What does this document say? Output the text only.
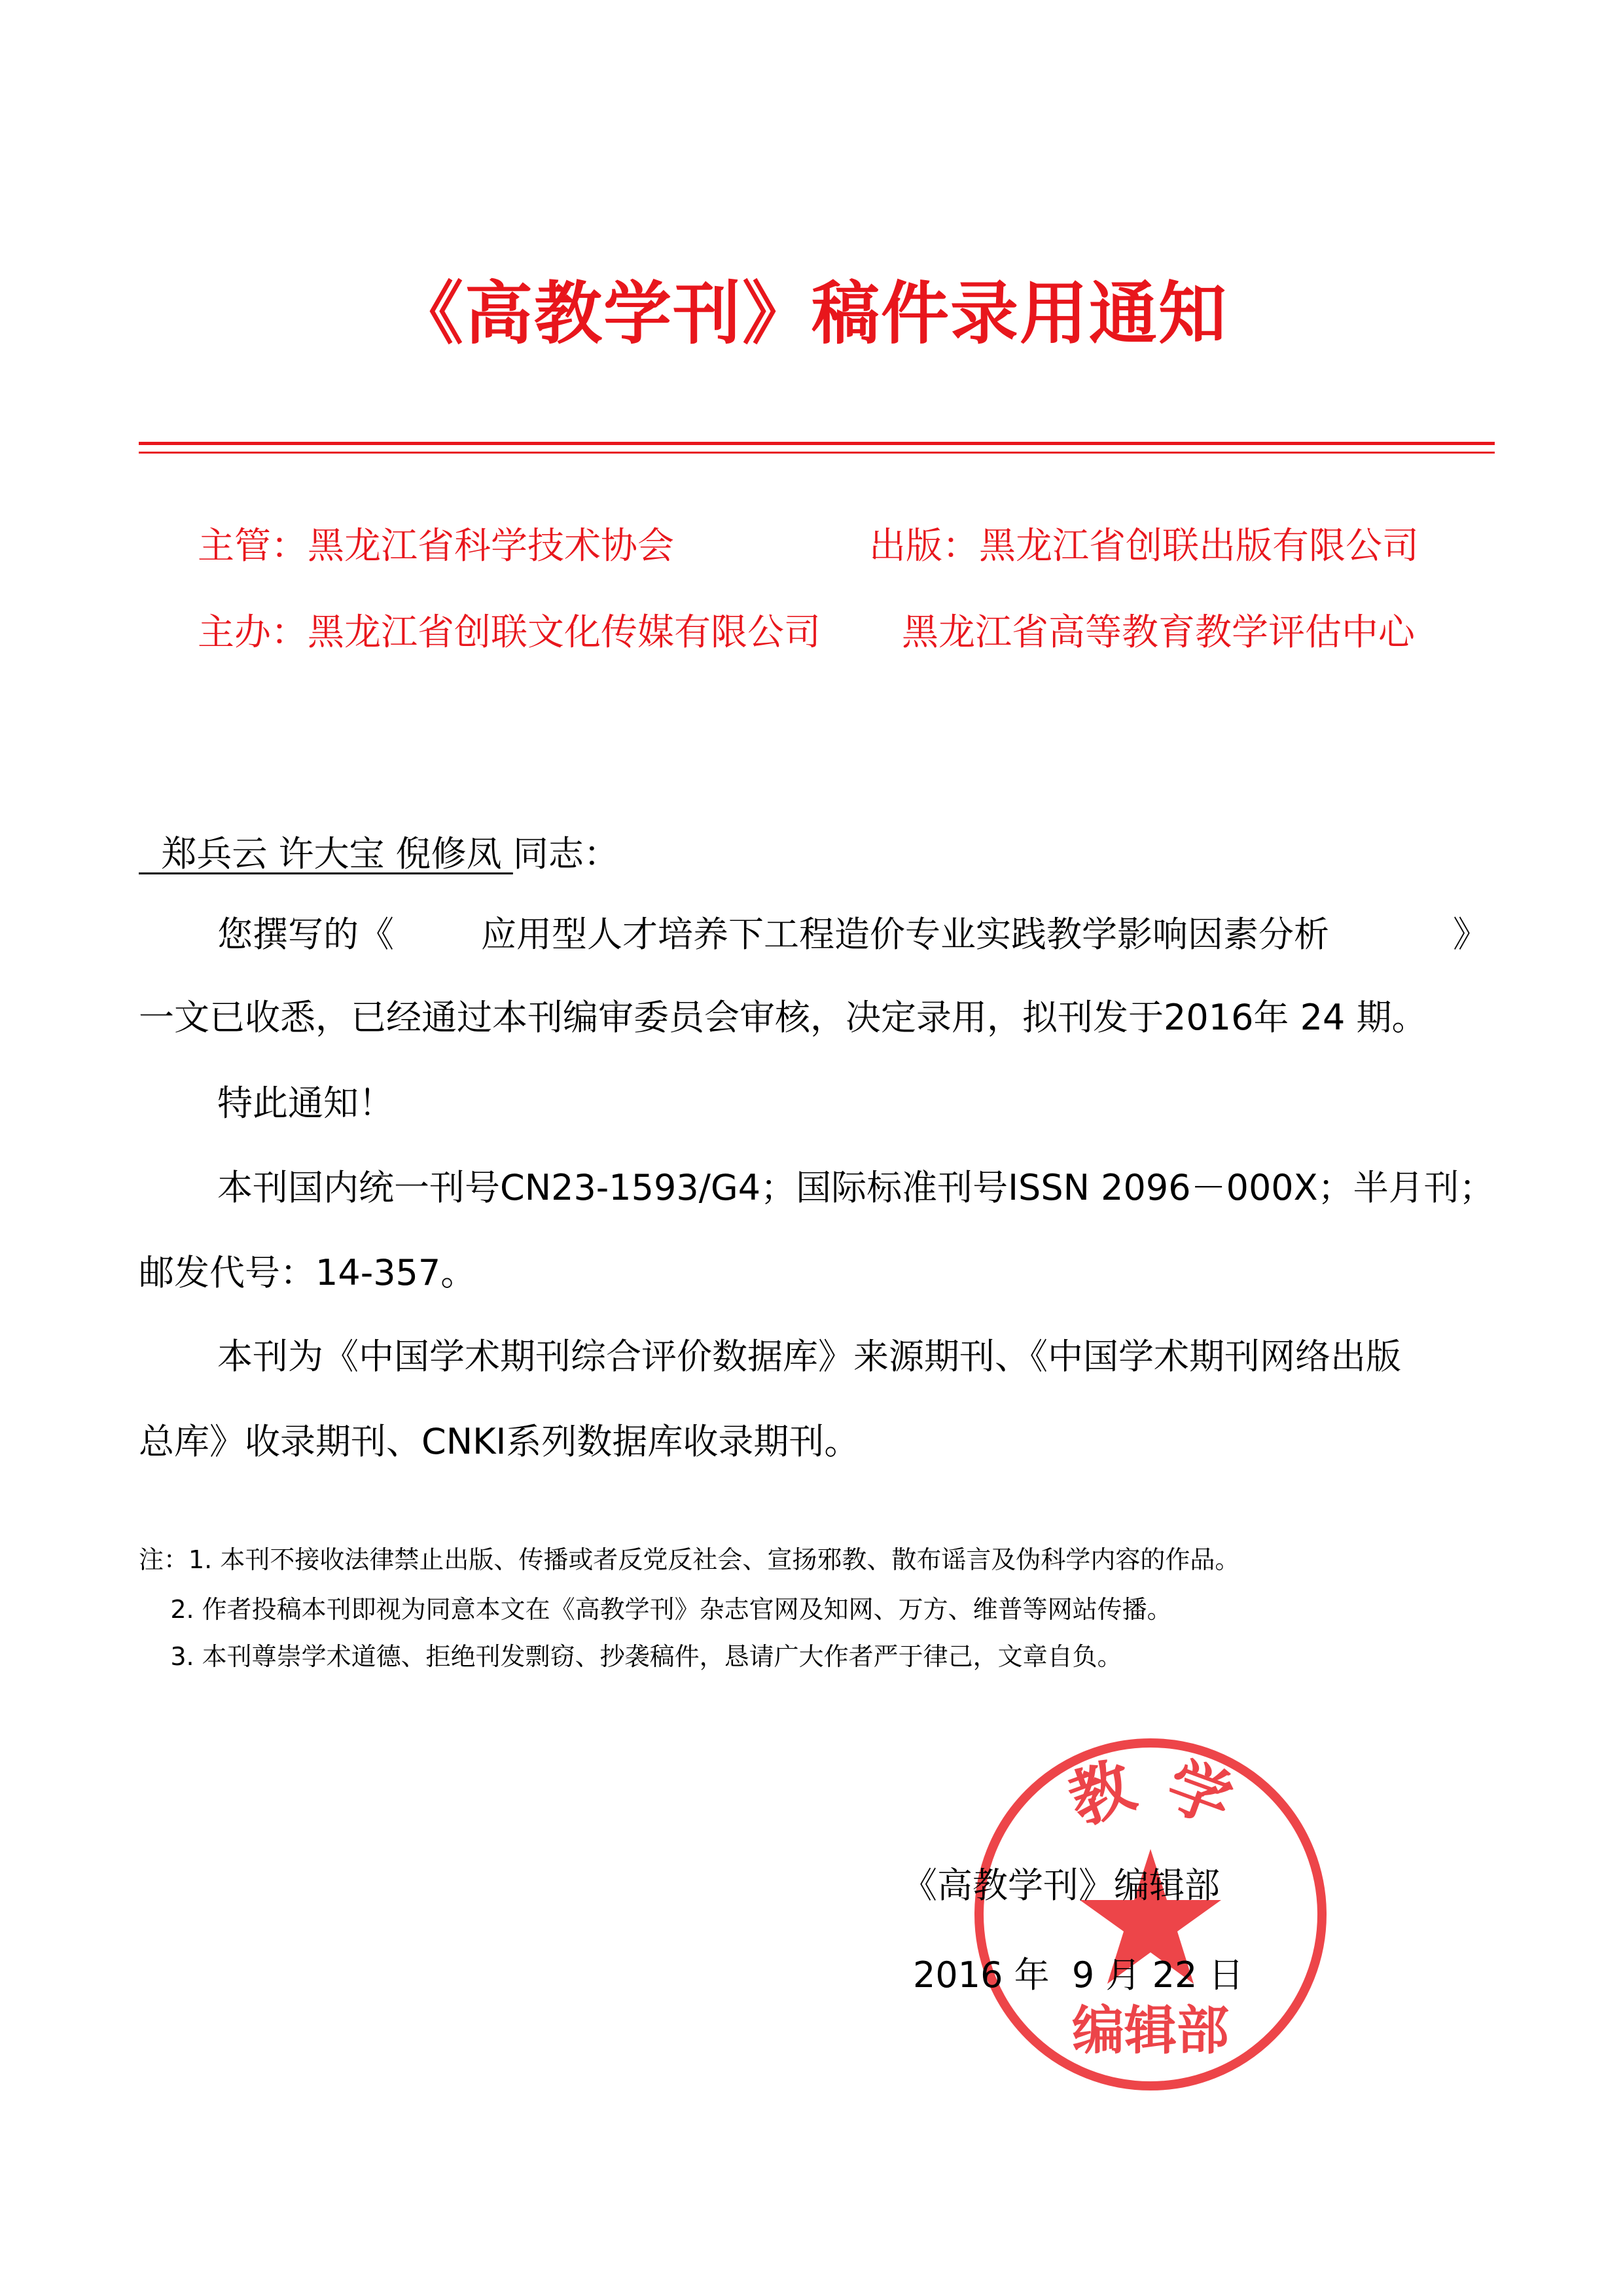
《高教学刊》稿件录用通知
主管：黑龙江省科学技术协会	出版：黑龙江省创联出版有限公司
主办：黑龙江省创联文化传媒有限公司 黑龙江省高等教育教学评估中心
郑兵云 许大宝 倪修凤 同志：
您撰写的《 应用型人才培养下工程造价专业实践教学影响因素分析	》
一文已收悉，已经通过本刊编审委员会审核，决定录用，拟刊发于2016年 24 期。
特此通知！
本刊国内统一刊号CN23-1593/G4；国际标准刊号ISSN 2096－000X；半月刊；
邮发代号：14-357。
本刊为《中国学术期刊综合评价数据库》来源期刊、《中国学术期刊网络出版
总库》收录期刊、CNKI系列数据库收录期刊。
注：1. 本刊不接收法律禁止出版、传播或者反党反社会、宣扬邪教、散布谣言及伪科学内容的作品。
2. 作者投稿本刊即视为同意本文在《高教学刊》杂志官网及知网、万方、维普等网站传播。
3. 本刊尊崇学术道德、拒绝刊发剽窃、抄袭稿件，恳请广大作者严于律己，文章自负。
教 学
编辑部
《高教学刊》编辑部
2016 年  9 月 22 日
